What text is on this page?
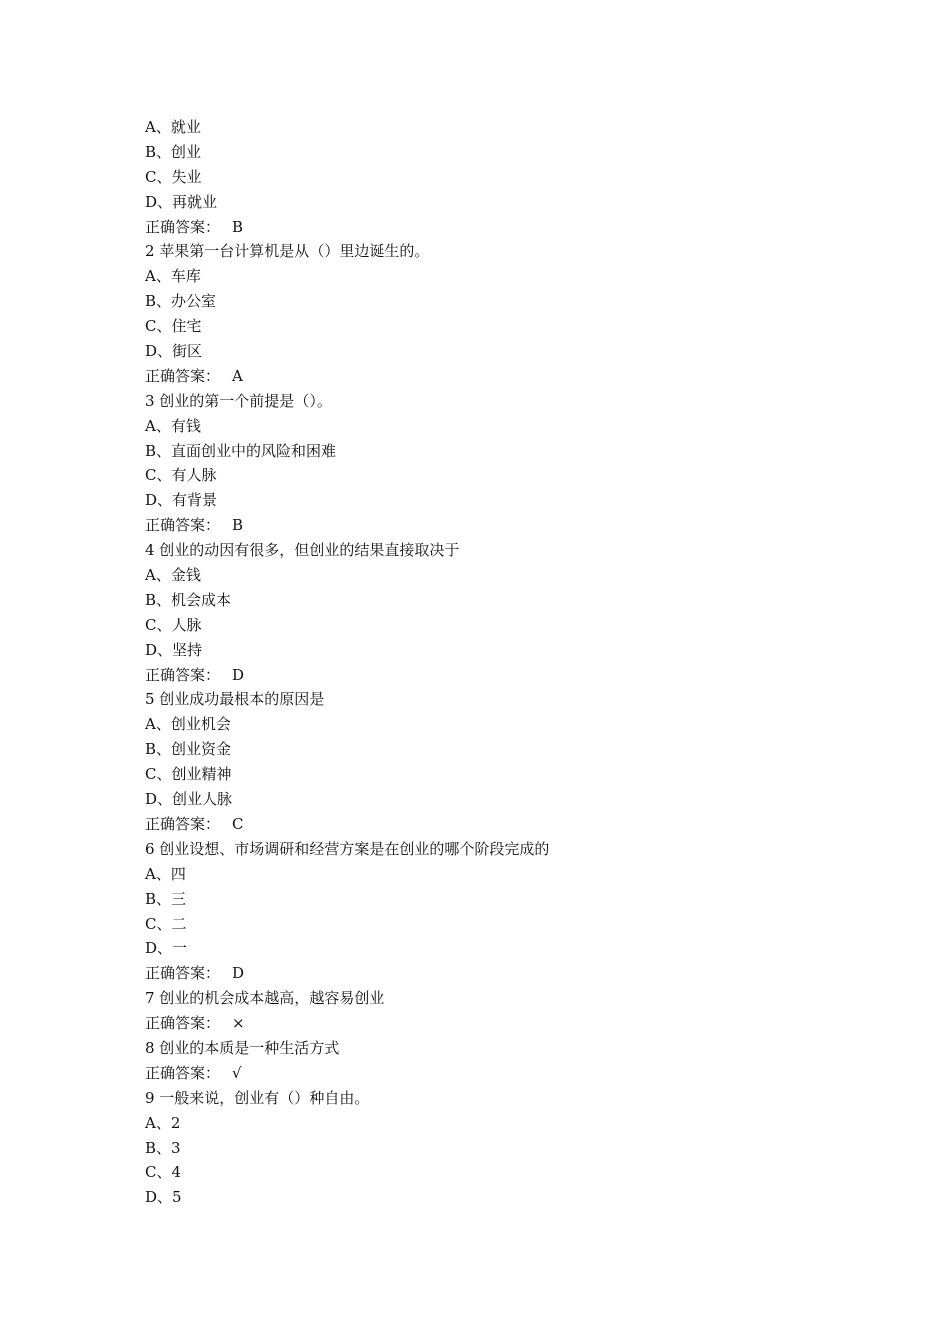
A、就业
B、创业
C、失业
D、再就业
正确答案： B
2 苹果第一台计算机是从（）里边诞生的。
A、车库
B、办公室
C、住宅
D、街区
正确答案： A
3 创业的第一个前提是（）。
A、有钱
B、直面创业中的风险和困难
C、有人脉
D、有背景
正确答案： B
4 创业的动因有很多，但创业的结果直接取决于
A、金钱
B、机会成本
C、人脉
D、坚持
正确答案： D
5 创业成功最根本的原因是
A、创业机会
B、创业资金
C、创业精神
D、创业人脉
正确答案： C
6 创业设想、市场调研和经营方案是在创业的哪个阶段完成的
A、四
B、三
C、二
D、一
正确答案： D
7 创业的机会成本越高，越容易创业
正确答案： ×
8 创业的本质是一种生活方式
正确答案： √
9 一般来说，创业有（）种自由。
A、2
B、3
C、4
D、5
